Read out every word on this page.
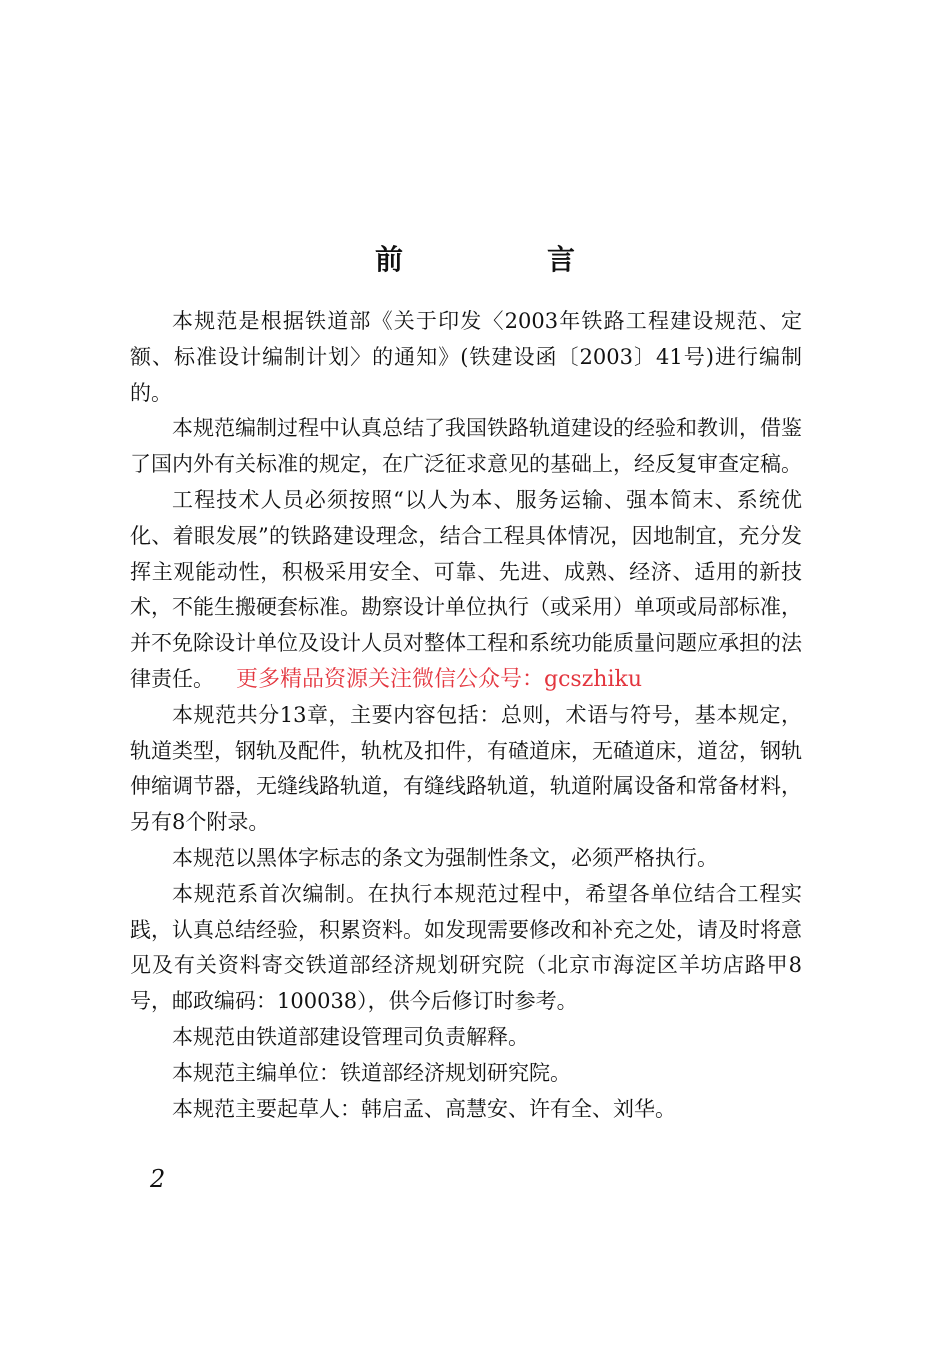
前　言

本规范是根据铁道部《关于印发〈2003年铁路工程建设规范、定额、标准设计编制计划〉的通知》(铁建设函〔2003〕41号)进行编制的。

本规范编制过程中认真总结了我国铁路轨道建设的经验和教训，借鉴了国内外有关标准的规定，在广泛征求意见的基础上，经反复审查定稿。

工程技术人员必须按照“以人为本、服务运输、强本简末、系统优化、着眼发展”的铁路建设理念，结合工程具体情况，因地制宜，充分发挥主观能动性，积极采用安全、可靠、先进、成熟、经济、适用的新技术，不能生搬硬套标准。勘察设计单位执行（或采用）单项或局部标准，并不免除设计单位及设计人员对整体工程和系统功能质量问题应承担的法律责任。

本规范共分13章，主要内容包括：总则，术语与符号，基本规定，轨道类型，钢轨及配件，轨枕及扣件，有碴道床，无碴道床，道岔，钢轨伸缩调节器，无缝线路轨道，有缝线路轨道，轨道附属设备和常备材料，另有8个附录。

本规范以黑体字标志的条文为强制性条文，必须严格执行。

本规范系首次编制。在执行本规范过程中，希望各单位结合工程实践，认真总结经验，积累资料。如发现需要修改和补充之处，请及时将意见及有关资料寄交铁道部经济规划研究院（北京市海淀区羊坊店路甲8号，邮政编码：100038），供今后修订时参考。

本规范由铁道部建设管理司负责解释。

本规范主编单位：铁道部经济规划研究院。

本规范主要起草人：韩启孟、高慧安、许有全、刘华。

更多精品资源关注微信公众号：gcszhiku
2
